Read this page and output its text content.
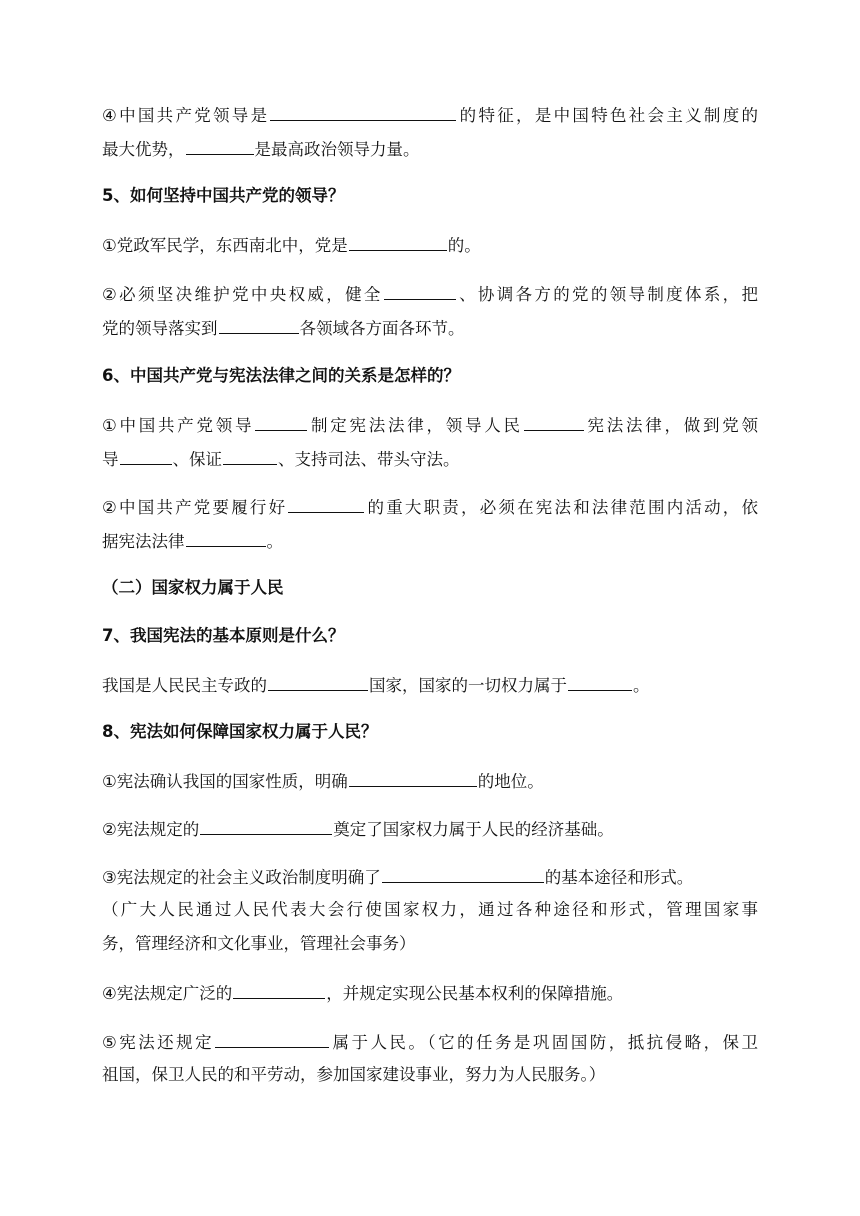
④中国共产党领导是	的特征，是中国特色社会主义制度的
最大优势，	是最高政治领导力量。
5、如何坚持中国共产党的领导？
①党政军民学，东西南北中，党是	的。
②必须坚决维护党中央权威，健全	、协调各方的党的领导制度体系，把
党的领导落实到	各领域各方面各环节。
6、中国共产党与宪法法律之间的关系是怎样的？
①中国共产党领导	制定宪法法律，领导人民	宪法法律，做到党领
导	、保证	、支持司法、带头守法。
②中国共产党要履行好	的重大职责，必须在宪法和法律范围内活动，依
据宪法法律	。
（二）国家权力属于人民
7、我国宪法的基本原则是什么？
我国是人民民主专政的	国家，国家的一切权力属于	。
8、宪法如何保障国家权力属于人民？
①宪法确认我国的国家性质，明确	的地位。
②宪法规定的	奠定了国家权力属于人民的经济基础。
③宪法规定的社会主义政治制度明确了	的基本途径和形式。
（广大人民通过人民代表大会行使国家权力，通过各种途径和形式，管理国家事
务，管理经济和文化事业，管理社会事务）
④宪法规定广泛的	，并规定实现公民基本权利的保障措施。
⑤宪法还规定	属于人民。（它的任务是巩固国防，抵抗侵略，保卫
祖国，保卫人民的和平劳动，参加国家建设事业，努力为人民服务。）
